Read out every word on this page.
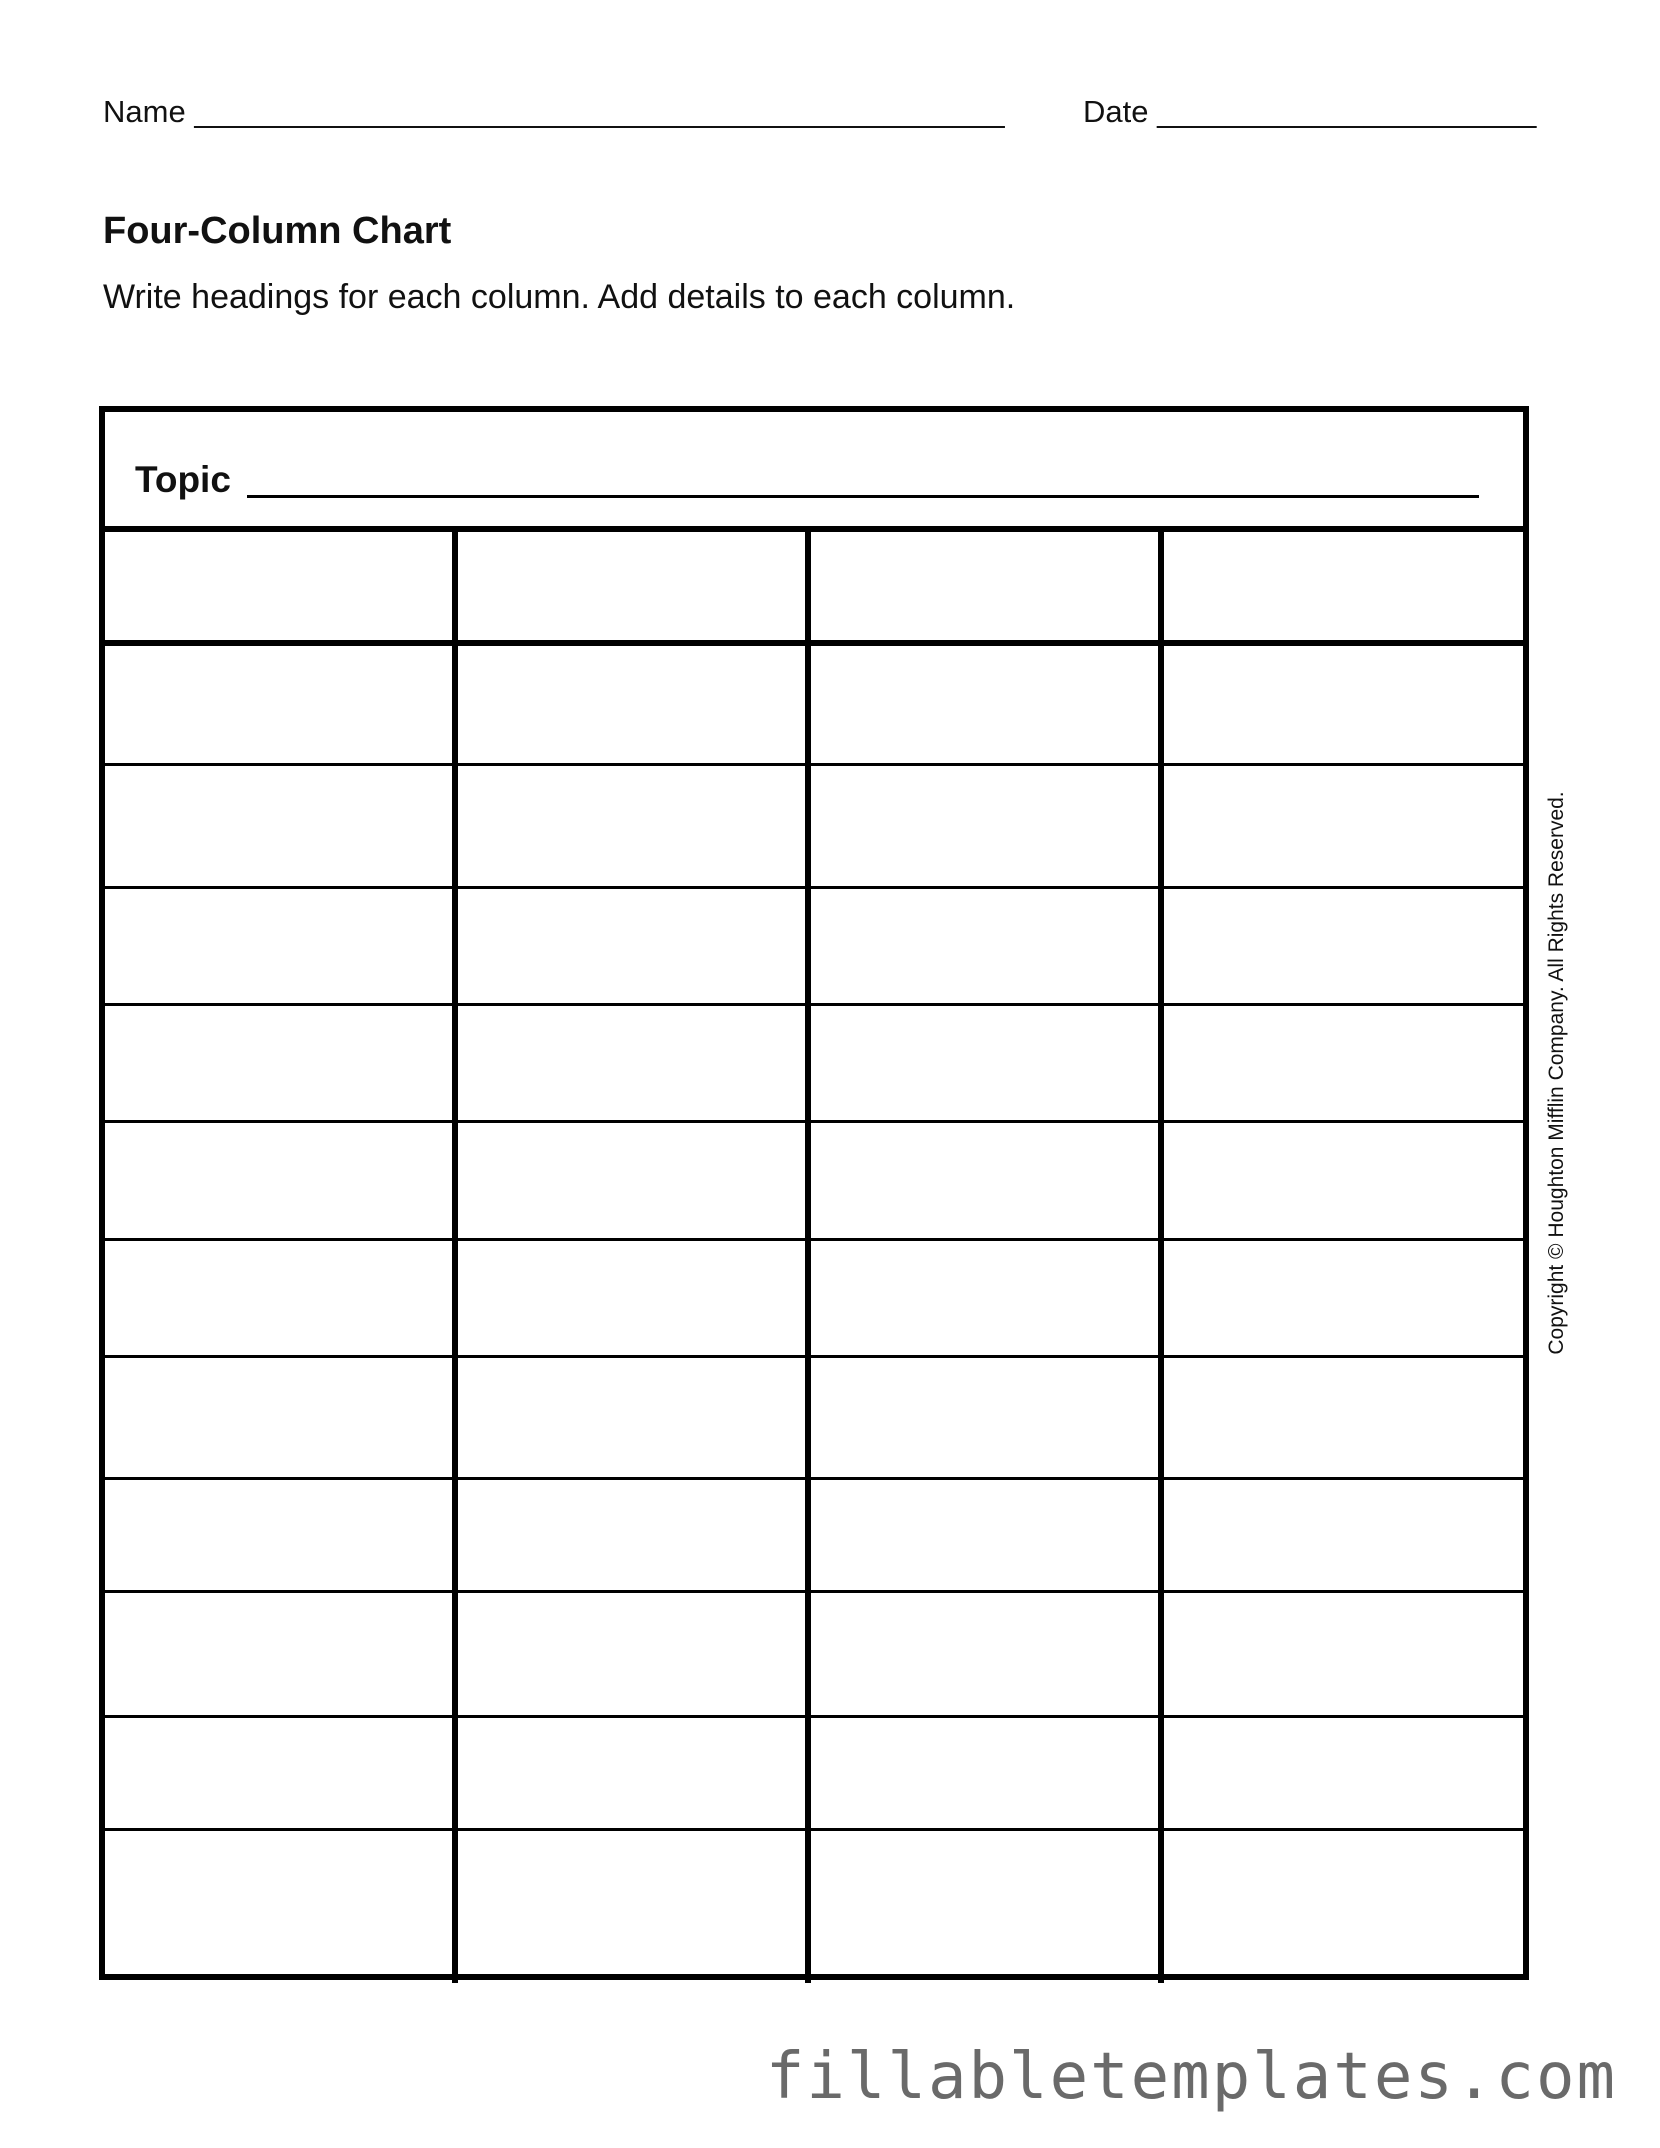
Name _______________________________________________	Date ______________________
Four-Column Chart
Write headings for each column. Add details to each column.
Topic
Copyright © Houghton Mifflin Company. All Rights Reserved.
fillabletemplates.com
